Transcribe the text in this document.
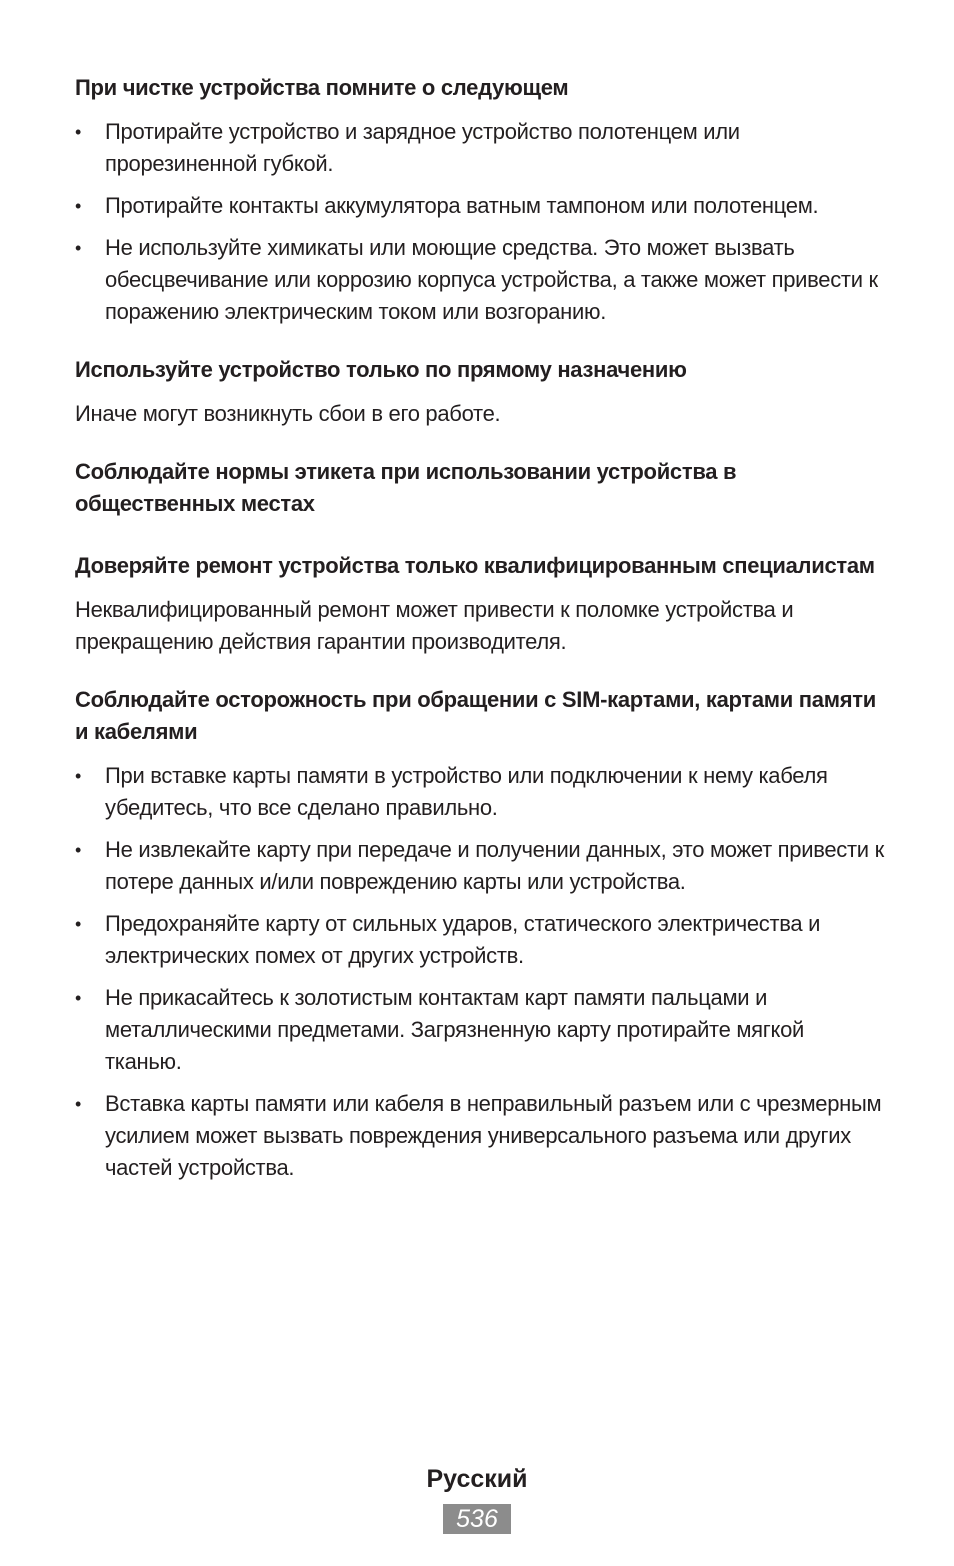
При чистке устройства помните о следующем
• Протирайте устройство и зарядное устройство полотенцем или прорезиненной губкой.
• Протирайте контакты аккумулятора ватным тампоном или полотенцем.
• Не используйте химикаты или моющие средства. Это может вызвать обесцвечивание или коррозию корпуса устройства, а также может привести к поражению электрическим током или возгоранию.
Используйте устройство только по прямому назначению

Иначе могут возникнуть сбои в его работе.

Соблюдайте нормы этикета при использовании устройства в общественных местах
Доверяйте ремонт устройства только квалифицированным специалистам

Неквалифицированный ремонт может привести к поломке устройства и прекращению действия гарантии производителя.

Соблюдайте осторожность при обращении с SIM-картами, картами памяти и кабелями
• При вставке карты памяти в устройство или подключении к нему кабеля убедитесь, что все сделано правильно.
• Не извлекайте карту при передаче и получении данных, это может привести к потере данных и/или повреждению карты или устройства.
• Предохраняйте карту от сильных ударов, статического электричества и электрических помех от других устройств.
• Не прикасайтесь к золотистым контактам карт памяти пальцами и металлическими предметами. Загрязненную карту протирайте мягкой тканью.
• Вставка карты памяти или кабеля в неправильный разъем или с чрезмерным усилием может вызвать повреждения универсального разъема или других частей устройства.
Русский
536
